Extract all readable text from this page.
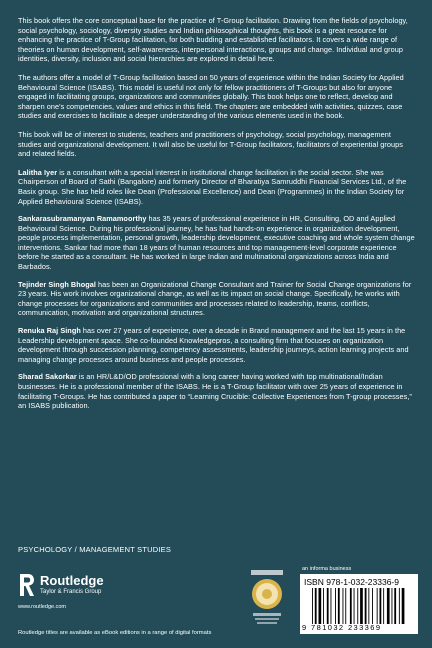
This book offers the core conceptual base for the practice of T-Group facilitation. Drawing from the fields of psychology, social psychology, sociology, diversity studies and Indian philosophical thoughts, this book is a great resource for enhancing the practice of T-Group facilitation, for both budding and established facilitators. It covers a wide range of theories on human development, self-awareness, interpersonal interactions, groups and change. Individual and group identities, diversity, inclusion and social hierarchies are explored in detail here.

The authors offer a model of T-Group facilitation based on 50 years of experience within the Indian Society for Applied Behavioural Science (ISABS). This model is useful not only for fellow practitioners of T-Groups but also for anyone engaged in facilitating groups, organizations and communities globally. This book helps one to reflect, develop and sharpen one's competencies, values and ethics in this field. The chapters are embedded with activities, quizzes, case studies and exercises to facilitate a deeper understanding of the various elements used in the book.

This book will be of interest to students, teachers and practitioners of psychology, social psychology, management studies and organizational development. It will also be useful for T-Group facilitators, facilitators of experiential groups and related fields.

Lalitha Iyer is a consultant with a special interest in institutional change facilitation in the social sector. She was Chairperson of Board of Sathi (Bangalore) and formerly Director of Bharatiya Samruddhi Financial Services Ltd., of the Basix group. She has held roles like Dean (Professional Excellence) and Dean (Programmes) in the Indian Society for Applied Behavioural Science (ISABS).

Sankarasubramanyan Ramamoorthy has 35 years of professional experience in HR, Consulting, OD and Applied Behavioural Science. During his professional journey, he has had hands-on experience in organization development, people process implementation, personal growth, leadership development, executive coaching and whole system change interventions. Sankar had more than 18 years of human resources and top management-level corporate experience before he started as a consultant. He has worked in large Indian and multinational organizations across India and Barbados.

Tejinder Singh Bhogal has been an Organizational Change Consultant and Trainer for Social Change organizations for 23 years. His work involves organizational change, as well as its impact on social change. Specifically, he works with change processes for organizations and communities and processes related to leadership, teams, conflicts, communication, motivation and organizational structures.

Renuka Raj Singh has over 27 years of experience, over a decade in Brand management and the last 15 years in the Leadership development space. She co-founded Knowledgepros, a consulting firm that focuses on organization development through succession planning, competency assessments, leadership journeys, action learning projects and managing change processes around business and people processes.

Sharad Sakorkar is an HR/L&D/OD professional with a long career having worked with top multinational/Indian businesses. He is a professional member of the ISABS. He is a T-Group facilitator with over 25 years of experience in facilitating T-Groups. He has contributed a paper to “Learning Crucible: Collective Experiences from T-group processes,” an ISABS publication.

PSYCHOLOGY / MANAGEMENT STUDIES
Routledge
Taylor & Francis Group
www.routledge.com
Routledge titles are available as eBook editions in a range of digital formats
an informa business
ISBN 978-1-032-23336-9
9 781032 233369
